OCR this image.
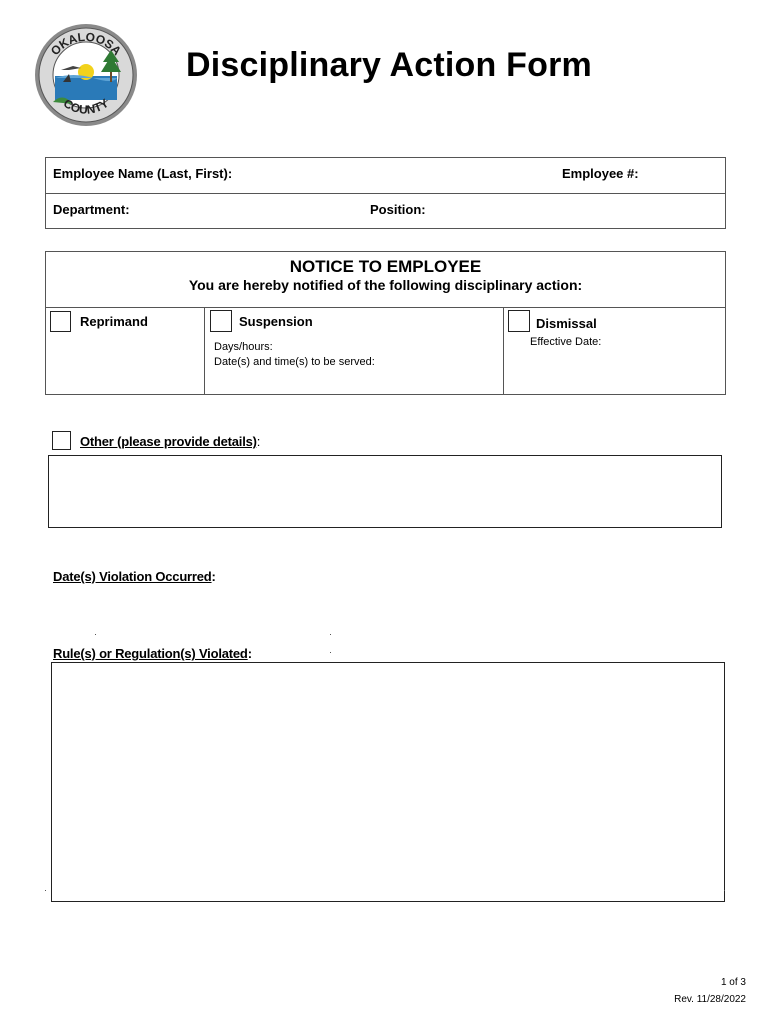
OKALOOSA
COUNTY
Disciplinary Action Form
Employee Name (Last, First):	Employee #:
Department:	Position:
NOTICE TO EMPLOYEE
You are hereby notified of the following disciplinary action:
Reprimand	Suspension
Days/hours:
Date(s) and time(s) to be served:
Dismissal
Effective Date:
Other (please provide details):
Date(s) Violation Occurred:
Rule(s) or Regulation(s) Violated:
1 of 3
Rev. 11/28/2022
